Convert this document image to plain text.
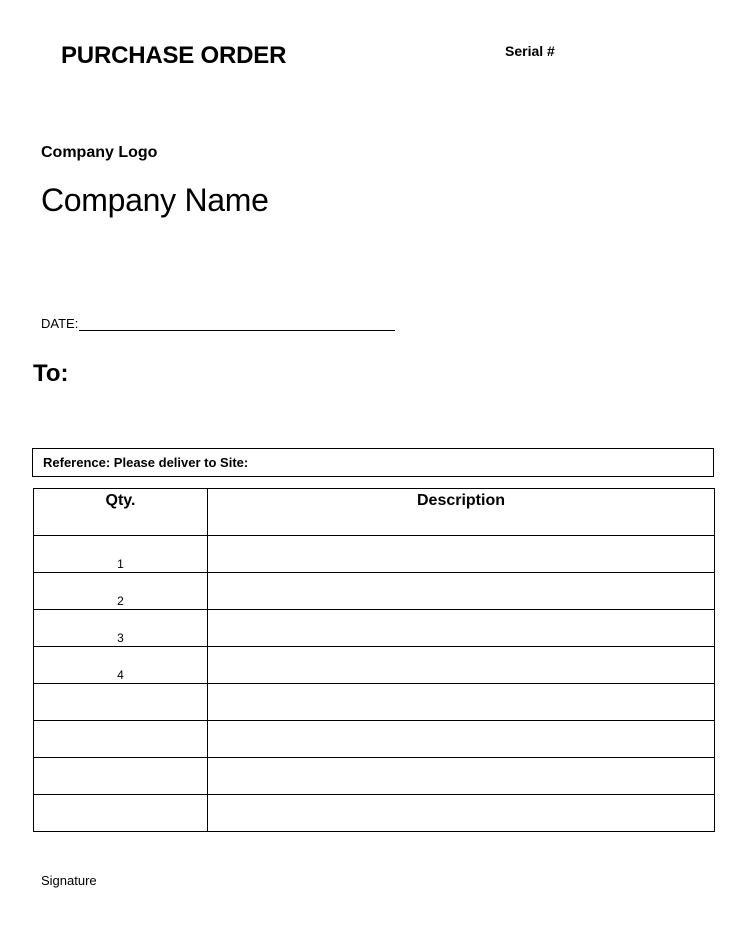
PURCHASE ORDER	Serial #
Company Logo
Company Name
DATE:
To:
Reference: Please deliver to Site:
Qty.	Description
1	
2	
3	
4	

Signature
